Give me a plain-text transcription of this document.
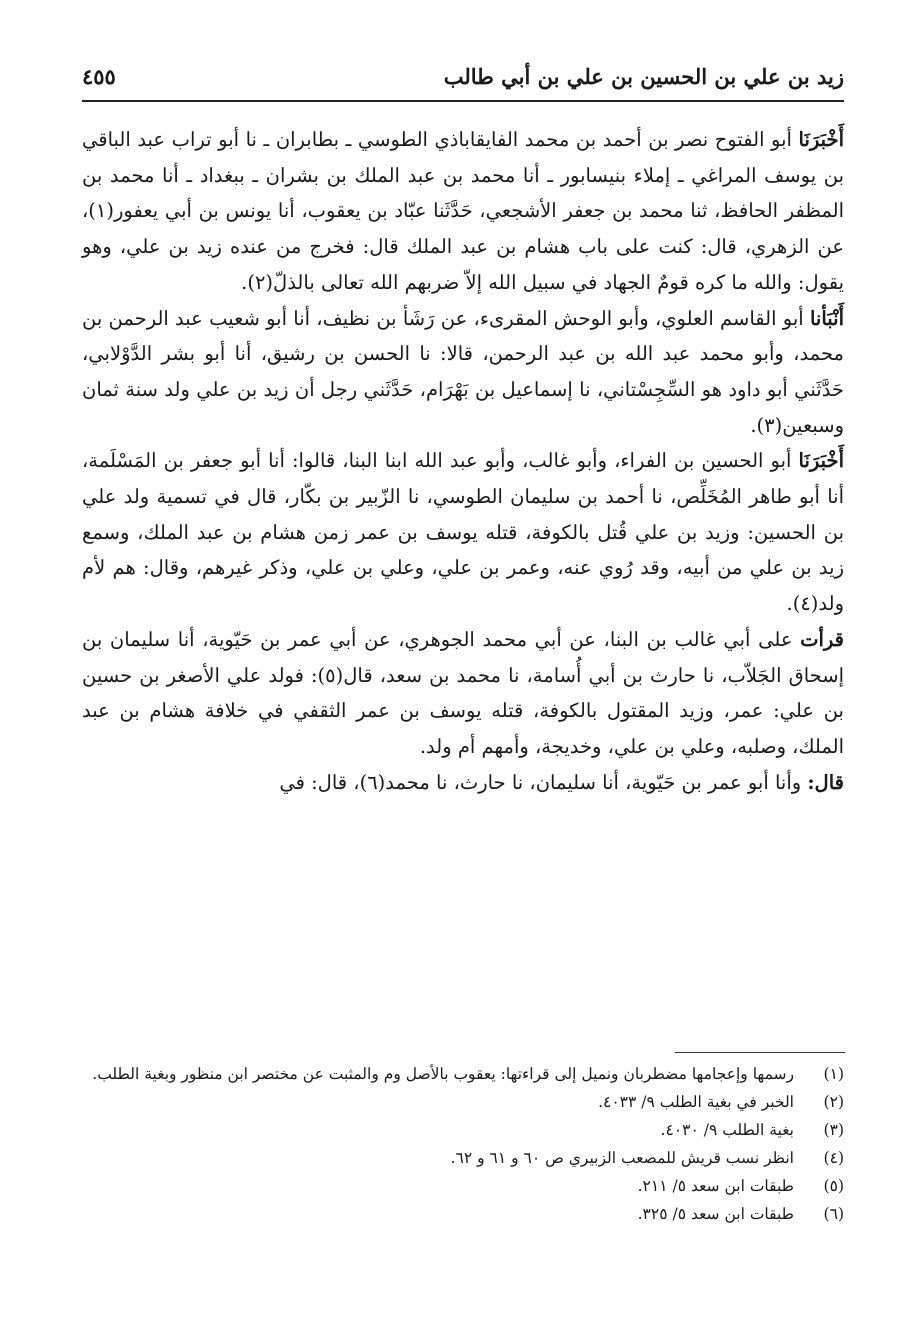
زيد بن علي بن الحسين بن علي بن أبي طالب
٤٥٥

أَخْبَرَنَا أبو الفتوح نصر بن أحمد بن محمد الفايقاباذي الطوسي ـ بطابران ـ نا أبو تراب عبد الباقي بن يوسف المراغي ـ إملاء بنيسابور ـ أنا محمد بن عبد الملك بن بشران ـ ببغداد ـ أنا محمد بن المظفر الحافظ، ثنا محمد بن جعفر الأشجعي، حَدَّثَنا عبّاد بن يعقوب، أنا يونس بن أبي يعفور(١)، عن الزهري، قال: كنت على باب هشام بن عبد الملك قال: فخرج من عنده زيد بن علي، وهو يقول: والله ما كره قومٌ الجهاد في سبيل الله إلاّ ضربهم الله تعالى بالذلّ(٢).

أَنْبَأنا أبو القاسم العلوي، وأبو الوحش المقرىء، عن رَشَأ بن نظيف، أنا أبو شعيب عبد الرحمن بن محمد، وأبو محمد عبد الله بن عبد الرحمن، قالا: نا الحسن بن رشيق، أنا أبو بشر الدَّوْلابي، حَدَّثَني أبو داود هو السِّجِسْتاني، نا إسماعيل بن بَهْرَام، حَدَّثَني رجل أن زيد بن علي ولد سنة ثمان وسبعين(٣).

أَخْبَرَنَا أبو الحسين بن الفراء، وأبو غالب، وأبو عبد الله ابنا البنا، قالوا: أنا أبو جعفر بن المَسْلَمة، أنا أبو طاهر المُخَلِّص، نا أحمد بن سليمان الطوسي، نا الزّبير بن بكّار، قال في تسمية ولد علي بن الحسين: وزيد بن علي قُتل بالكوفة، قتله يوسف بن عمر زمن هشام بن عبد الملك، وسمع زيد بن علي من أبيه، وقد رُوي عنه، وعمر بن علي، وعلي بن علي، وذكر غيرهم، وقال: هم لأم ولد(٤).

قرأت على أبي غالب بن البنا، عن أبي محمد الجوهري، عن أبي عمر بن حَيّوية، أنا سليمان بن إسحاق الجَلاّب، نا حارث بن أبي أُسامة، نا محمد بن سعد، قال(٥): فولد علي الأصغر بن حسين بن علي: عمر، وزيد المقتول بالكوفة، قتله يوسف بن عمر الثقفي في خلافة هشام بن عبد الملك، وصلبه، وعلي بن علي، وخديجة، وأمهم أم ولد.

قال: وأنا أبو عمر بن حَيّوية، أنا سليمان، نا حارث، نا محمد(٦)، قال: في

(١)
رسمها وإعجامها مضطربان ونميل إلى قراءتها: يعقوب بالأصل وم والمثبت عن مختصر ابن منظور وبغية الطلب.
(٢)
الخبر في بغية الطلب ٩/ ٤٠٣٣.
(٣)
بغية الطلب ٩/ ٤٠٣٠.
(٤)
انظر نسب قريش للمصعب الزبيري ص ٦٠ و ٦١ و ٦٢.
(٥)
طبقات ابن سعد ٥/ ٢١١.
(٦)
طبقات ابن سعد ٥/ ٣٢٥.
